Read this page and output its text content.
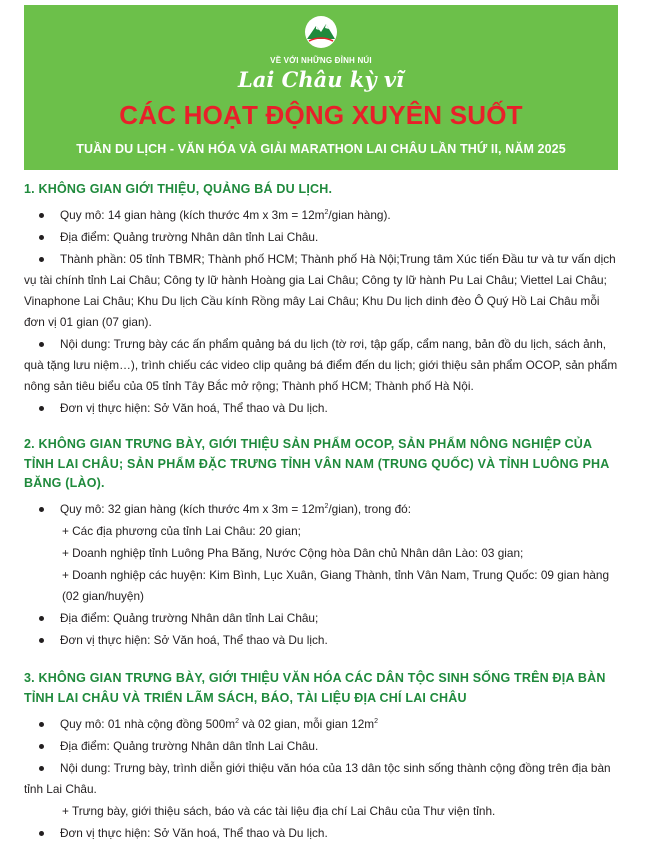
VỀ VỚI NHỮNG ĐỈNH NÚI
Lai Châu kỳ vĩ
CÁC HOẠT ĐỘNG XUYÊN SUỐT
TUẦN DU LỊCH - VĂN HÓA VÀ GIẢI MARATHON LAI CHÂU LẦN THỨ II, NĂM 2025
1. KHÔNG GIAN GIỚI THIỆU, QUẢNG BÁ DU LỊCH.
Quy mô: 14 gian hàng (kích thước 4m x $3m = 12m^2$/gian hàng).
Địa điểm: Quảng trường Nhân dân tỉnh Lai Châu.
Thành phần: 05 tỉnh TBMR; Thành phố HCM; Thành phố Hà Nội;Trung tâm Xúc tiến Đầu tư và tư vấn dịch vụ tài chính tỉnh Lai Châu; Công ty lữ hành Hoàng gia Lai Châu; Công ty lữ hành Pu Lai Châu; Viettel Lai Châu; Vinaphone Lai Châu; Khu Du lịch Cầu kính Rồng mây Lai Châu; Khu Du lịch dinh đèo Ô Quý Hồ Lai Châu mỗi đơn vị 01 gian (07 gian).
Nội dung: Trưng bày các ấn phẩm quảng bá du lịch (tờ rơi, tập gấp, cẩm nang, bản đồ du lịch, sách ảnh, quà tặng lưu niệm…), trình chiếu các video clip quảng bá điểm đến du lịch; giới thiệu sản phẩm OCOP, sản phẩm nông sản tiêu biểu của 05 tỉnh Tây Bắc mở rộng; Thành phố HCM; Thành phố Hà Nội.
Đơn vị thực hiện: Sở Văn hoá, Thể thao và Du lịch.
2. KHÔNG GIAN TRƯNG BÀY, GIỚI THIỆU SẢN PHẨM OCOP, SẢN PHẨM NÔNG NGHIỆP CỦA TỈNH LAI CHÂU; SẢN PHẨM ĐẶC TRƯNG TỈNH VÂN NAM (TRUNG QUỐC) VÀ TỈNH LUÔNG PHA BĂNG (LÀO).
Quy mô: 32 gian hàng (kích thước 4m x $3m = 12m^2/gian$), trong đó:
+ Các địa phương của tỉnh Lai Châu: 20 gian;
+ Doanh nghiệp tỉnh Luông Pha Băng, Nước Cộng hòa Dân chủ Nhân dân Lào: 03 gian;
+ Doanh nghiệp các huyện: Kim Bình, Lục Xuân, Giang Thành, tỉnh Vân Nam, Trung Quốc: 09 gian hàng (02 gian/huyện)
Địa điểm: Quảng trường Nhân dân tỉnh Lai Châu;
Đơn vị thực hiện: Sở Văn hoá, Thể thao và Du lịch.
3. KHÔNG GIAN TRƯNG BÀY, GIỚI THIỆU VĂN HÓA CÁC DÂN TỘC SINH SỐNG TRÊN ĐỊA BÀN TỈNH LAI CHÂU VÀ TRIỂN LÃM SÁCH, BÁO, TÀI LIỆU ĐỊA CHÍ LAI CHÂU
Quy mô: 01 nhà cộng đồng $500m^2$ và 02 gian, mỗi gian $12m^2$
Địa điểm: Quảng trường Nhân dân tỉnh Lai Châu.
Nội dung: Trưng bày, trình diễn giới thiệu văn hóa của 13 dân tộc sinh sống thành cộng đồng trên địa bàn tỉnh Lai Châu.
+ Trưng bày, giới thiệu sách, báo và các tài liệu địa chí Lai Châu của Thư viện tỉnh.
Đơn vị thực hiện: Sở Văn hoá, Thể thao và Du lịch.
